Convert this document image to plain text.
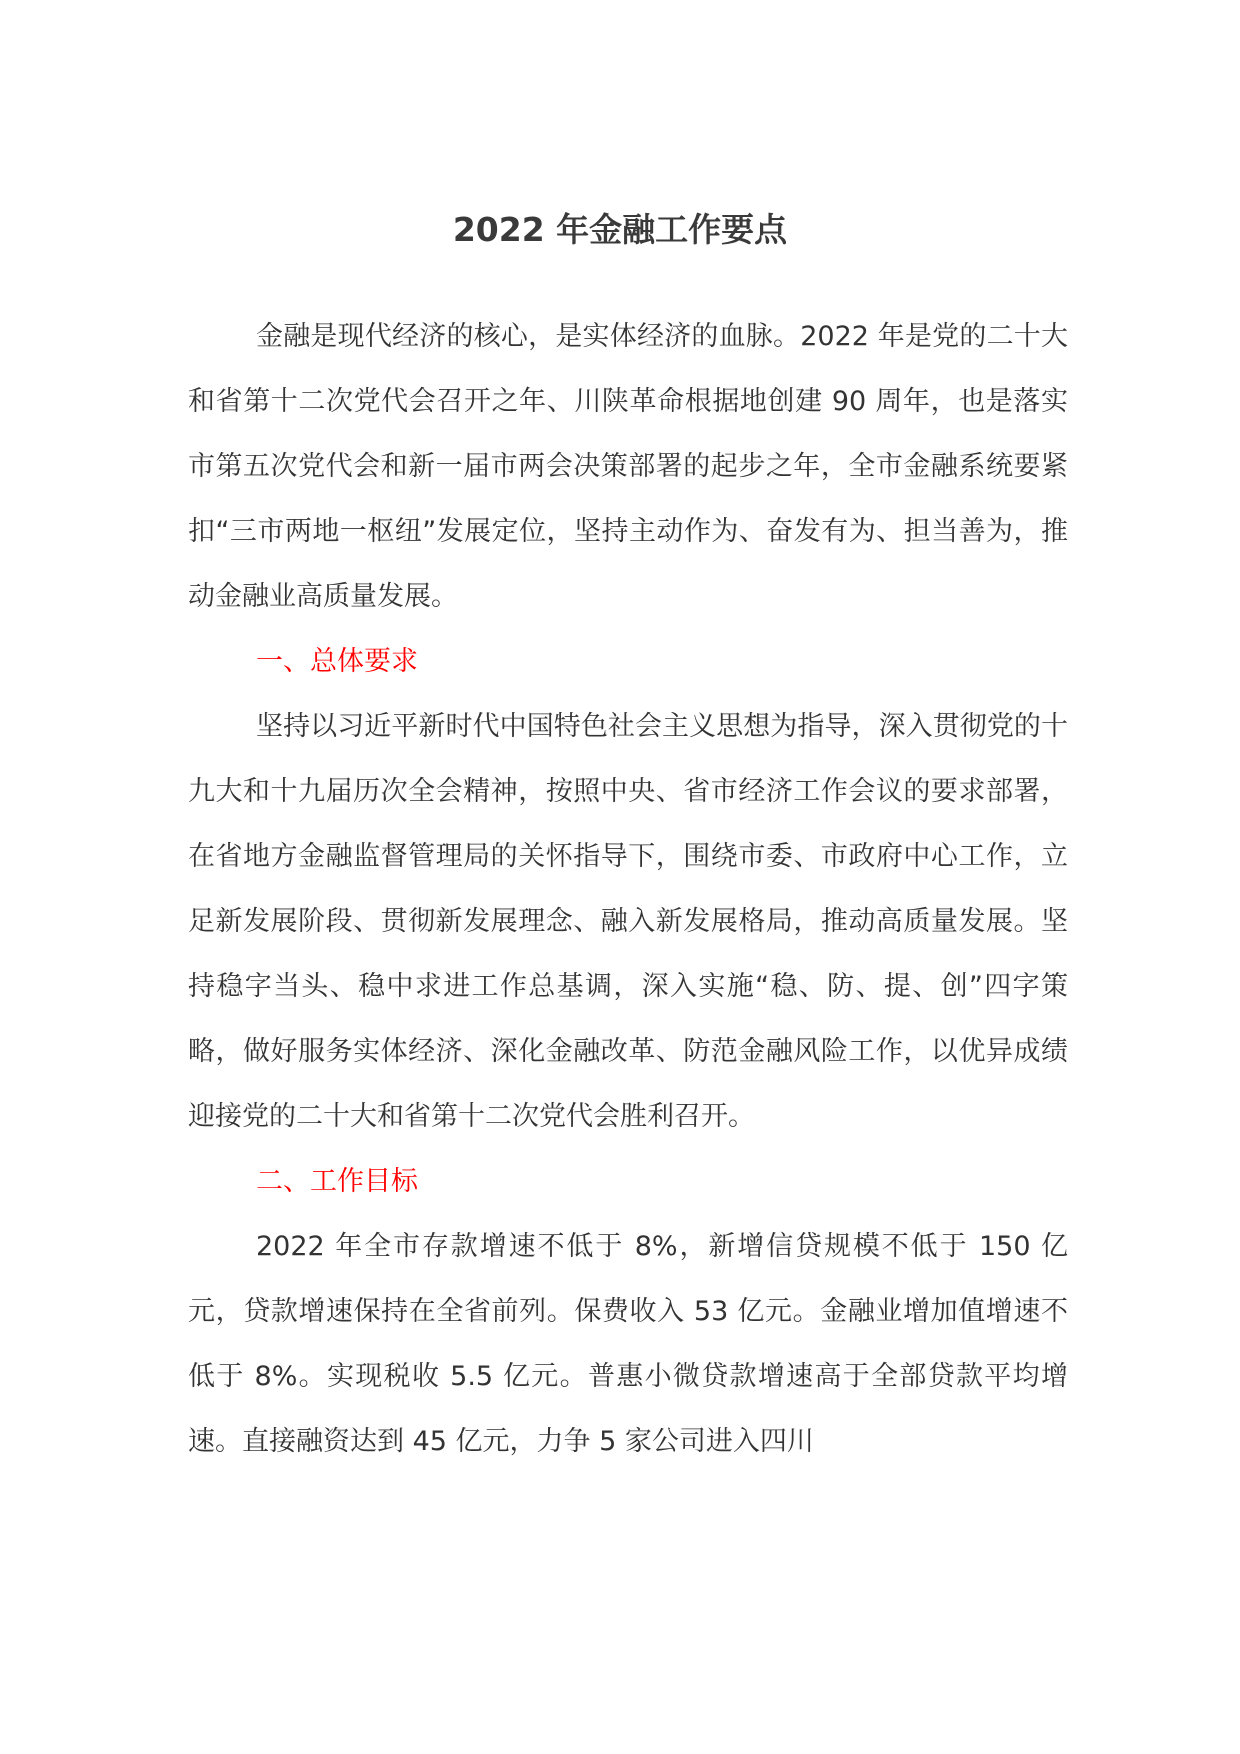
2022 年金融工作要点

金融是现代经济的核心，是实体经济的血脉。2022 年是党的二十大和省第十二次党代会召开之年、川陕革命根据地创建 90 周年，也是落实市第五次党代会和新一届市两会决策部署的起步之年，全市金融系统要紧扣“三市两地一枢纽”发展定位，坚持主动作为、奋发有为、担当善为，推动金融业高质量发展。

一、总体要求

坚持以习近平新时代中国特色社会主义思想为指导，深入贯彻党的十九大和十九届历次全会精神，按照中央、省市经济工作会议的要求部署，在省地方金融监督管理局的关怀指导下，围绕市委、市政府中心工作，立足新发展阶段、贯彻新发展理念、融入新发展格局，推动高质量发展。坚持稳字当头、稳中求进工作总基调，深入实施“稳、防、提、创”四字策略，做好服务实体经济、深化金融改革、防范金融风险工作，以优异成绩迎接党的二十大和省第十二次党代会胜利召开。

二、工作目标

2022 年全市存款增速不低于 8%，新增信贷规模不低于 150 亿元，贷款增速保持在全省前列。保费收入 53 亿元。金融业增加值增速不低于 8%。实现税收 5.5 亿元。普惠小微贷款增速高于全部贷款平均增速。直接融资达到 45 亿元，力争 5 家公司进入四川
